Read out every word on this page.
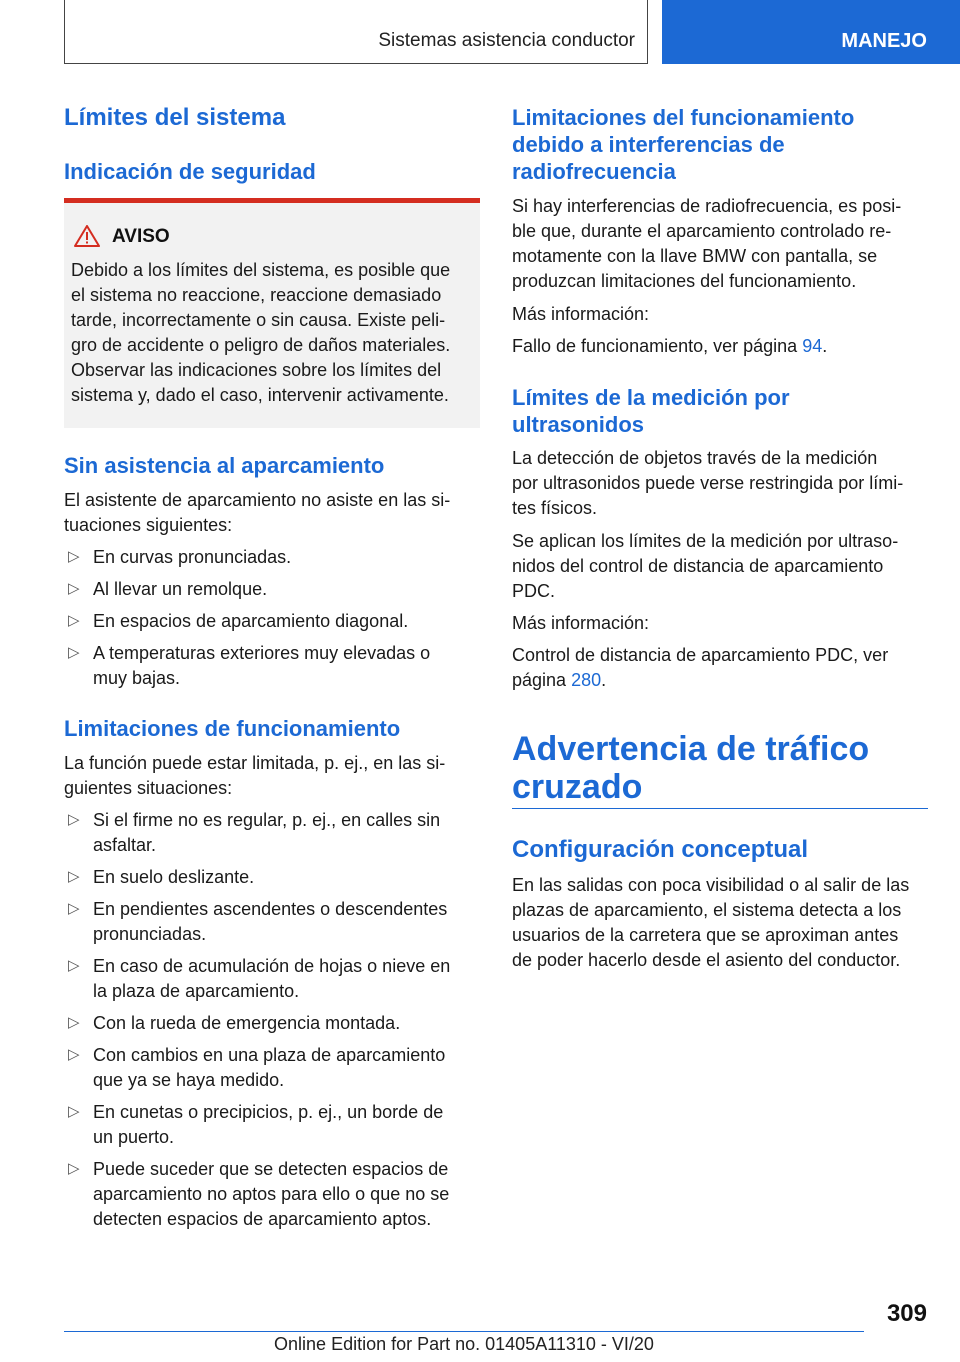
Sistemas asistencia conductor	MANEJO
Límites del sistema
Indicación de seguridad
AVISO
Debido a los límites del sistema, es posible que
el sistema no reaccione, reaccione demasiado
tarde, incorrectamente o sin causa. Existe peli-
gro de accidente o peligro de daños materiales.
Observar las indicaciones sobre los límites del
sistema y, dado el caso, intervenir activamente.
Sin asistencia al aparcamiento
El asistente de aparcamiento no asiste en las si-
tuaciones siguientes:
▷ En curvas pronunciadas.
▷ Al llevar un remolque.
▷ En espacios de aparcamiento diagonal.
▷ A temperaturas exteriores muy elevadas o
muy bajas.
Limitaciones de funcionamiento
La función puede estar limitada, p. ej., en las si-
guientes situaciones:
▷ Si el firme no es regular, p. ej., en calles sin
asfaltar.
▷ En suelo deslizante.
▷ En pendientes ascendentes o descendentes
pronunciadas.
▷ En caso de acumulación de hojas o nieve en
la plaza de aparcamiento.
▷ Con la rueda de emergencia montada.
▷ Con cambios en una plaza de aparcamiento
que ya se haya medido.
▷ En cunetas o precipicios, p. ej., un borde de
un puerto.
▷ Puede suceder que se detecten espacios de
aparcamiento no aptos para ello o que no se
detecten espacios de aparcamiento aptos.
Limitaciones del funcionamiento
debido a interferencias de
radiofrecuencia
Si hay interferencias de radiofrecuencia, es posi-
ble que, durante el aparcamiento controlado re-
motamente con la llave BMW con pantalla, se
produzcan limitaciones del funcionamiento.
Más información:
Fallo de funcionamiento, ver página 94.
Límites de la medición por
ultrasonidos
La detección de objetos través de la medición
por ultrasonidos puede verse restringida por lími-
tes físicos.
Se aplican los límites de la medición por ultraso-
nidos del control de distancia de aparcamiento
PDC.
Más información:
Control de distancia de aparcamiento PDC, ver
página 280.
Advertencia de tráfico
cruzado
Configuración conceptual
En las salidas con poca visibilidad o al salir de las
plazas de aparcamiento, el sistema detecta a los
usuarios de la carretera que se aproximan antes
de poder hacerlo desde el asiento del conductor.
309
Online Edition for Part no. 01405A11310 - VI/20
